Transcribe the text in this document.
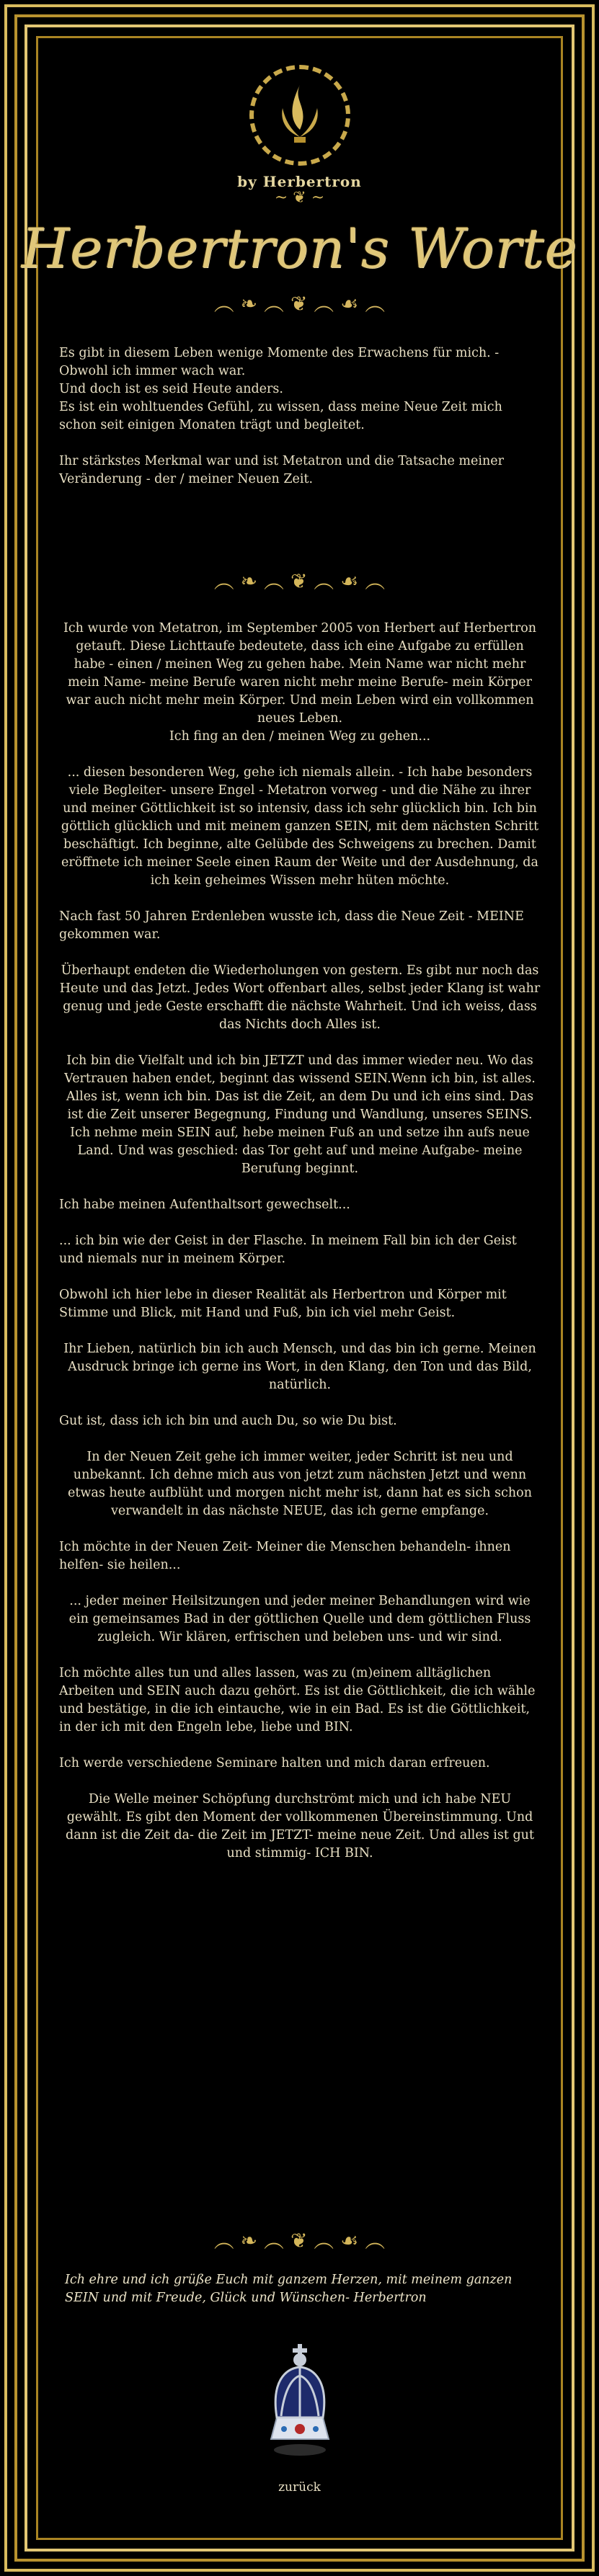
by Herbertron
~ ❦ ~
Herbertron's Worte
︵ ❧ ︵ ❦ ︵ ☙ ︵

Es gibt in diesem Leben wenige Momente des Erwachens für mich. - Obwohl ich immer wach war.
Und doch ist es seid Heute anders.
Es ist ein wohltuendes Gefühl, zu wissen, dass meine Neue Zeit mich schon seit einigen Monaten trägt und begleitet.

Ihr stärkstes Merkmal war und ist Metatron und die Tatsache meiner Veränderung - der / meiner Neuen Zeit.

︵ ❧ ︵ ❦ ︵ ☙ ︵

Ich wurde von Metatron, im September 2005 von Herbert auf Herbertron getauft. Diese Lichttaufe bedeutete, dass ich eine Aufgabe zu erfüllen habe - einen / meinen Weg zu gehen habe. Mein Name war nicht mehr mein Name- meine Berufe waren nicht mehr meine Berufe- mein Körper war auch nicht mehr mein Körper. Und mein Leben wird ein vollkommen neues Leben.
Ich fing an den / meinen Weg zu gehen...

... diesen besonderen Weg, gehe ich niemals allein. - Ich habe besonders viele Begleiter- unsere Engel - Metatron vorweg - und die Nähe zu ihrer und meiner Göttlichkeit ist so intensiv, dass ich sehr glücklich bin. Ich bin göttlich glücklich und mit meinem ganzen SEIN, mit dem nächsten Schritt beschäftigt. Ich beginne, alte Gelübde des Schweigens zu brechen. Damit eröffnete ich meiner Seele einen Raum der Weite und der Ausdehnung, da ich kein geheimes Wissen mehr hüten möchte.

Nach fast 50 Jahren Erdenleben wusste ich, dass die Neue Zeit - MEINE gekommen war.

Überhaupt endeten die Wiederholungen von gestern. Es gibt nur noch das Heute und das Jetzt. Jedes Wort offenbart alles, selbst jeder Klang ist wahr genug und jede Geste erschafft die nächste Wahrheit. Und ich weiss, dass das Nichts doch Alles ist.

Ich bin die Vielfalt und ich bin JETZT und das immer wieder neu. Wo das Vertrauen haben endet, beginnt das wissend SEIN.Wenn ich bin, ist alles. Alles ist, wenn ich bin. Das ist die Zeit, an dem Du und ich eins sind. Das ist die Zeit unserer Begegnung, Findung und Wandlung, unseres SEINS. Ich nehme mein SEIN auf, hebe meinen Fuß an und setze ihn aufs neue Land. Und was geschied: das Tor geht auf und meine Aufgabe- meine Berufung beginnt.

Ich habe meinen Aufenthaltsort gewechselt...

... ich bin wie der Geist in der Flasche. In meinem Fall bin ich der Geist und niemals nur in meinem Körper.

Obwohl ich hier lebe in dieser Realität als Herbertron und Körper mit Stimme und Blick, mit Hand und Fuß, bin ich viel mehr Geist.

Ihr Lieben, natürlich bin ich auch Mensch, und das bin ich gerne. Meinen Ausdruck bringe ich gerne ins Wort, in den Klang, den Ton und das Bild, natürlich.

Gut ist, dass ich ich bin und auch Du, so wie Du bist.

In der Neuen Zeit gehe ich immer weiter, jeder Schritt ist neu und unbekannt. Ich dehne mich aus von jetzt zum nächsten Jetzt und wenn etwas heute aufblüht und morgen nicht mehr ist, dann hat es sich schon verwandelt in das nächste NEUE, das ich gerne empfange.

Ich möchte in der Neuen Zeit- Meiner die Menschen behandeln- ihnen helfen- sie heilen...

... jeder meiner Heilsitzungen und jeder meiner Behandlungen wird wie ein gemeinsames Bad in der göttlichen Quelle und dem göttlichen Fluss zugleich. Wir klären, erfrischen und beleben uns- und wir sind.

Ich möchte alles tun und alles lassen, was zu (m)einem alltäglichen Arbeiten und SEIN auch dazu gehört. Es ist die Göttlichkeit, die ich wähle und bestätige, in die ich eintauche, wie in ein Bad. Es ist die Göttlichkeit, in der ich mit den Engeln lebe, liebe und BIN.

Ich werde verschiedene Seminare halten und mich daran erfreuen.

Die Welle meiner Schöpfung durchströmt mich und ich habe NEU gewählt. Es gibt den Moment der vollkommenen Übereinstimmung. Und dann ist die Zeit da- die Zeit im JETZT- meine neue Zeit. Und alles ist gut und stimmig- ICH BIN.

︵ ❧ ︵ ❦ ︵ ☙ ︵
Ich ehre und ich grüße Euch mit ganzem Herzen, mit meinem ganzen SEIN und mit Freude, Glück und Wünschen- Herbertron
zurück
